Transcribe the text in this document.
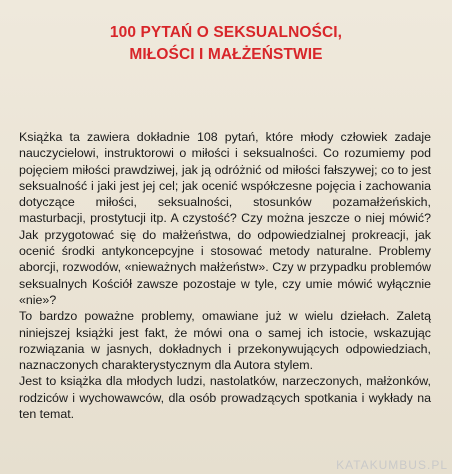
100 PYTAŃ O SEKSUALNOŚCI,
MIŁOŚCI I MAŁŻEŃSTWIE

Książka ta zawiera dokładnie 108 pytań, które młody człowiek zadaje nauczycielowi, instruktorowi o miłości i seksualności. Co rozumiemy pod pojęciem miłości prawdziwej, jak ją odróżnić od miłości fałszywej; co to jest seksualność i jaki jest jej cel; jak ocenić współczesne pojęcia i zachowania dotyczące miłości, seksualności, stosunków pozamałżeńskich, masturbacji, prostytucji itp. A czystość? Czy można jeszcze o niej mówić? Jak przygotować się do małżeństwa, do odpowiedzialnej prokreacji, jak ocenić środki antykoncepcyjne i stosować metody naturalne. Problemy aborcji, rozwodów, «nieważnych małżeństw». Czy w przypadku problemów seksualnych Kościół zawsze pozostaje w tyle, czy umie mówić wyłącznie «nie»?

To bardzo poważne problemy, omawiane już w wielu dziełach. Zaletą niniejszej książki jest fakt, że mówi ona o samej ich istocie, wskazując rozwiązania w jasnych, dokładnych i przekonywujących odpowiedziach, naznaczonych charakterystycznym dla Autora stylem.

Jest to książka dla młodych ludzi, nastolatków, narzeczonych, małżonków, rodziców i wychowawców, dla osób prowadzących spotkania i wykłady na ten temat.

KATAKUMBUS.PL
